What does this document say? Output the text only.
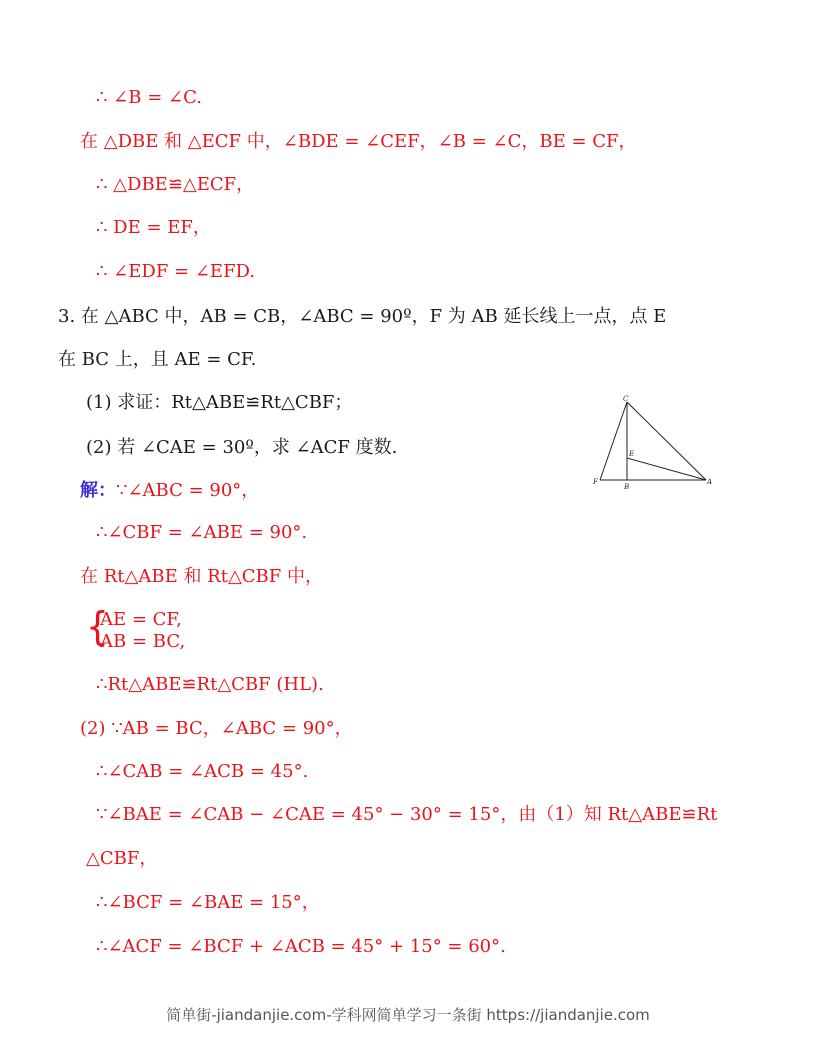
∴ ∠B = ∠C.
在 △DBE 和 △ECF 中，∠BDE = ∠CEF，∠B = ∠C，BE = CF，
∴ △DBE≌△ECF，
∴ DE = EF，
∴ ∠EDF = ∠EFD.
3. 在 △ABC 中，AB = CB，∠ABC = 90º，F 为 AB 延长线上一点，点 E
在 BC 上，且 AE = CF.
(1) 求证：Rt△ABE≌Rt△CBF；
(2) 若 ∠CAE = 30º，求 ∠ACF 度数.
解：∵∠ABC = 90°，
∴∠CBF = ∠ABE = 90°.
在 Rt△ABE 和 Rt△CBF 中，
{
AE = CF,
AB = BC,
∴Rt△ABE≌Rt△CBF (HL).
(2) ∵AB = BC，∠ABC = 90°，
∴∠CAB = ∠ACB = 45°.
∵∠BAE = ∠CAB − ∠CAE = 45° − 30° = 15°，由（1）知 Rt△ABE≌Rt
△CBF，
∴∠BCF = ∠BAE = 15°，
∴∠ACF = ∠BCF + ∠ACB = 45° + 15° = 60°.
C
E
F
B
A
简单街-jiandanjie.com-学科网简单学习一条街 https://jiandanjie.com
